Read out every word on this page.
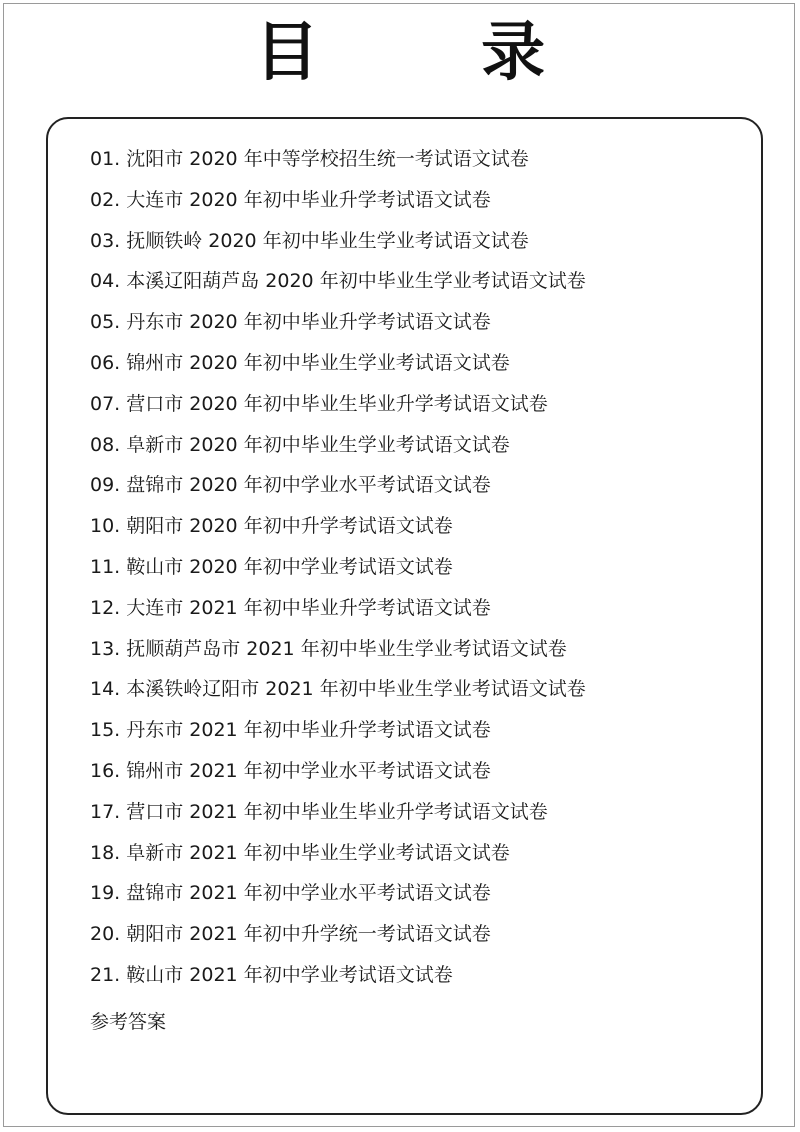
目 录
01. 沈阳市 2020 年中等学校招生统一考试语文试卷
02. 大连市 2020 年初中毕业升学考试语文试卷
03. 抚顺铁岭 2020 年初中毕业生学业考试语文试卷
04. 本溪辽阳葫芦岛 2020 年初中毕业生学业考试语文试卷
05. 丹东市 2020 年初中毕业升学考试语文试卷
06. 锦州市 2020 年初中毕业生学业考试语文试卷
07. 营口市 2020 年初中毕业生毕业升学考试语文试卷
08. 阜新市 2020 年初中毕业生学业考试语文试卷
09. 盘锦市 2020 年初中学业水平考试语文试卷
10. 朝阳市 2020 年初中升学考试语文试卷
11. 鞍山市 2020 年初中学业考试语文试卷
12. 大连市 2021 年初中毕业升学考试语文试卷
13. 抚顺葫芦岛市 2021 年初中毕业生学业考试语文试卷
14. 本溪铁岭辽阳市 2021 年初中毕业生学业考试语文试卷
15. 丹东市 2021 年初中毕业升学考试语文试卷
16. 锦州市 2021 年初中学业水平考试语文试卷
17. 营口市 2021 年初中毕业生毕业升学考试语文试卷
18. 阜新市 2021 年初中毕业生学业考试语文试卷
19. 盘锦市 2021 年初中学业水平考试语文试卷
20. 朝阳市 2021 年初中升学统一考试语文试卷
21. 鞍山市 2021 年初中学业考试语文试卷
参考答案
